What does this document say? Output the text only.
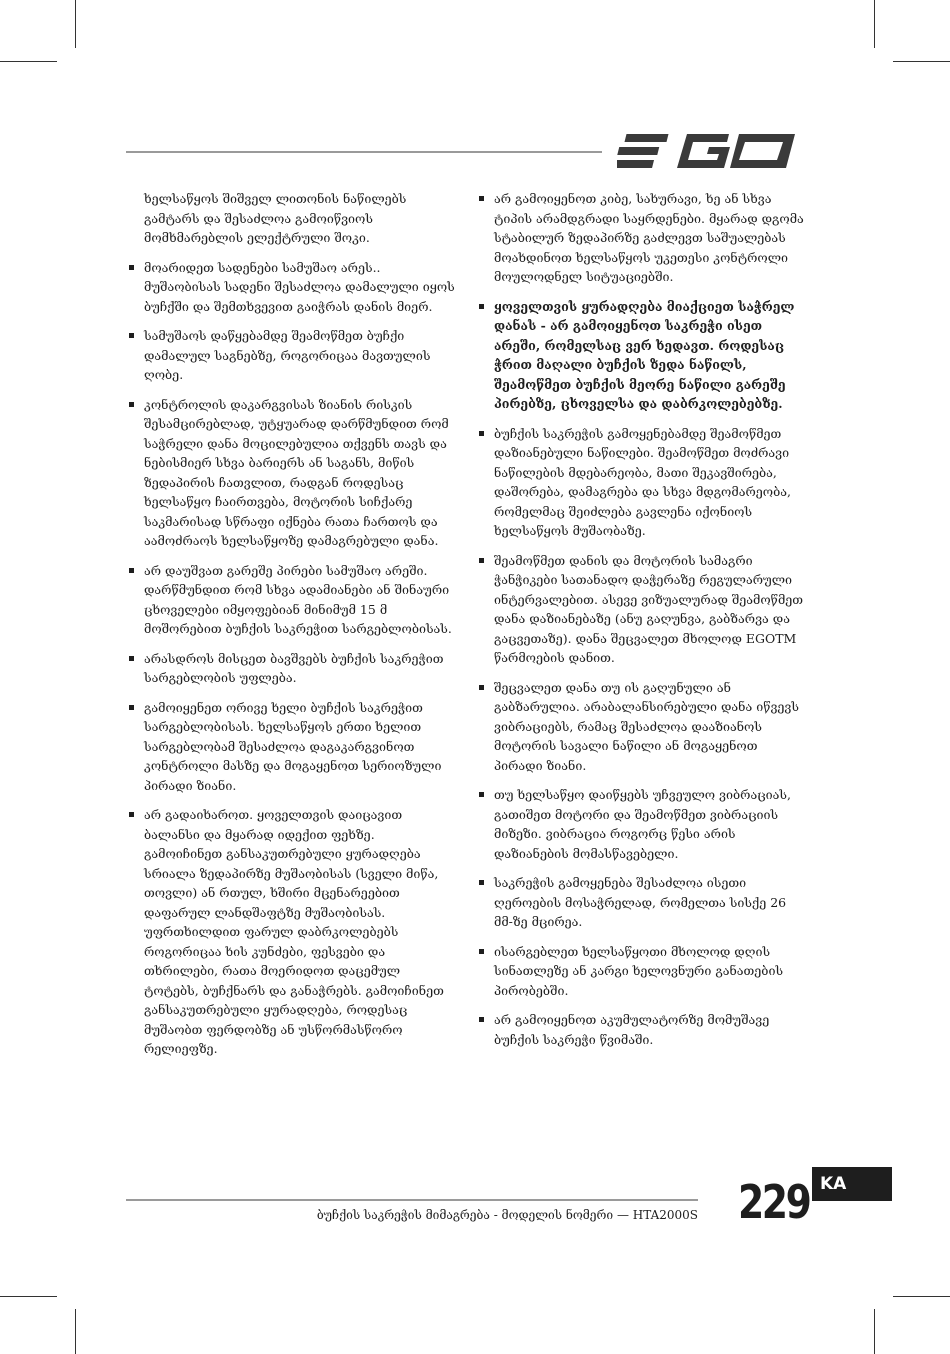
ხელსაწყოს შიშველ ლითონის ნაწილებს გამტარს და შესაძლოა გამოიწვიოს მომხმარებლის ელექტრული შოკი.

მოარიდეთ სადენები სამუშაო არეს.. მუშაობისას სადენი შესაძლოა დამალული იყოს ბუჩქში და შემთხვევით გაიჭრას დანის მიერ.

სამუშაოს დაწყებამდე შეამოწმეთ ბუჩქი დამალულ საგნებზე, როგორიცაა მავთულის ღობე.

კონტროლის დაკარგვისას ზიანის რისკის შესამცირებლად, უტყუარად დარწმუნდით რომ საჭრელი დანა მოცილებულია თქვენს თავს და ნებისმიერ სხვა ბარიერს ან საგანს, მიწის ზედაპირის ჩათვლით, რადგან როდესაც ხელსაწყო ჩაირთვება, მოტორის სიჩქარე საკმარისად სწრაფი იქნება რათა ჩართოს და აამოძრაოს ხელსაწყოზე დამაგრებული დანა.

არ დაუშვათ გარეშე პირები სამუშაო არეში. დარწმუნდით რომ სხვა ადამიანები ან შინაური ცხოველები იმყოფებიან მინიმუმ 15 მ მოშორებით ბუჩქის საკრეჭით სარგებლობისას.

არასდროს მისცეთ ბავშვებს ბუჩქის საკრეჭით სარგებლობის უფლება.

გამოიყენეთ ორივე ხელი ბუჩქის საკრეჭით სარგებლობისას. ხელსაწყოს ერთი ხელით სარგებლობამ შესაძლოა დაგაკარგვინოთ კონტროლი მასზე და მოგაყენოთ სერიოზული პირადი ზიანი.

არ გადაიხაროთ. ყოველთვის დაიცავით ბალანსი და მყარად იდექით ფეხზე. გამოიჩინეთ განსაკუთრებული ყურადღება სრიალა ზედაპირზე მუშაობისას (სველი მიწა, თოვლი) ან რთულ, ხშირი მცენარეებით დაფარულ ლანდშაფტზე მუშაობისას. უფრთხილდით ფარულ დაბრკოლებებს როგორიცაა ხის კუნძები, ფესვები და თხრილები, რათა მოერიდოთ დაცემულ ტოტებს, ბუჩქნარს და განაჭრებს. გამოიჩინეთ განსაკუთრებული ყურადღება, როდესაც მუშაობთ ფერდობზე ან უსწორმასწორო რელიეფზე.

არ გამოიყენოთ კიბე, სახურავი, ხე ან სხვა ტიპის არამდგრადი საყრდენები. მყარად დგომა სტაბილურ ზედაპირზე გაძლევთ საშუალებას მოახდინოთ ხელსაწყოს უკეთესი კონტროლი მოულოდნელ სიტუაციებში.

ყოველთვის ყურადღება მიაქციეთ საჭრელ დანას - არ გამოიყენოთ საკრეჭი ისეთ არეში, რომელსაც ვერ ხედავთ. როდესაც ჭრით მაღალი ბუჩქის ზედა ნაწილს, შეამოწმეთ ბუჩქის მეორე ნაწილი გარეშე პირებზე, ცხოველსა და დაბრკოლებებზე.

ბუჩქის საკრეჭის გამოყენებამდე შეამოწმეთ დაზიანებული ნაწილები. შეამოწმეთ მოძრავი ნაწილების მდებარეობა, მათი შეკავშირება, დაშორება, დამაგრება და სხვა მდგომარეობა, რომელმაც შეიძლება გავლენა იქონიოს ხელსაწყოს მუშაობაზე.

შეამოწმეთ დანის და მოტორის სამაგრი ჭანჭიკები სათანადო დაჭერაზე რეგულარული ინტერვალებით. ასევე ვიზუალურად შეამოწმეთ დანა დაზიანებაზე (ანუ გაღუნვა, გაბზარვა და გაცვეთაზე). დანა შეცვალეთ მხოლოდ EGOTM წარმოების დანით.

შეცვალეთ დანა თუ ის გაღუნული ან გაბზარულია. არაბალანსირებული დანა იწვევს ვიბრაციებს, რამაც შესაძლოა დააზიანოს მოტორის სავალი ნაწილი ან მოგაყენოთ პირადი ზიანი.

თუ ხელსაწყო დაიწყებს უჩვეულო ვიბრაციას, გათიშეთ მოტორი და შეამოწმეთ ვიბრაციის მიზეზი. ვიბრაცია როგორც წესი არის დაზიანების მომასწავებელი.

საკრეჭის გამოყენება შესაძლოა ისეთი ღეროების მოსაჭრელად, რომელთა სისქე 26 მმ-ზე მცირეა.

ისარგებლეთ ხელსაწყოთი მხოლოდ დღის სინათლეზე ან კარგი ხელოვნური განათების პირობებში.

არ გამოიყენოთ აკუმულატორზე მომუშავე ბუჩქის საკრეჭი წვიმაში.

ბუჩქის საკრეჭის მიმაგრება - მოდელის ნომერი — HTA2000S 229 KA
